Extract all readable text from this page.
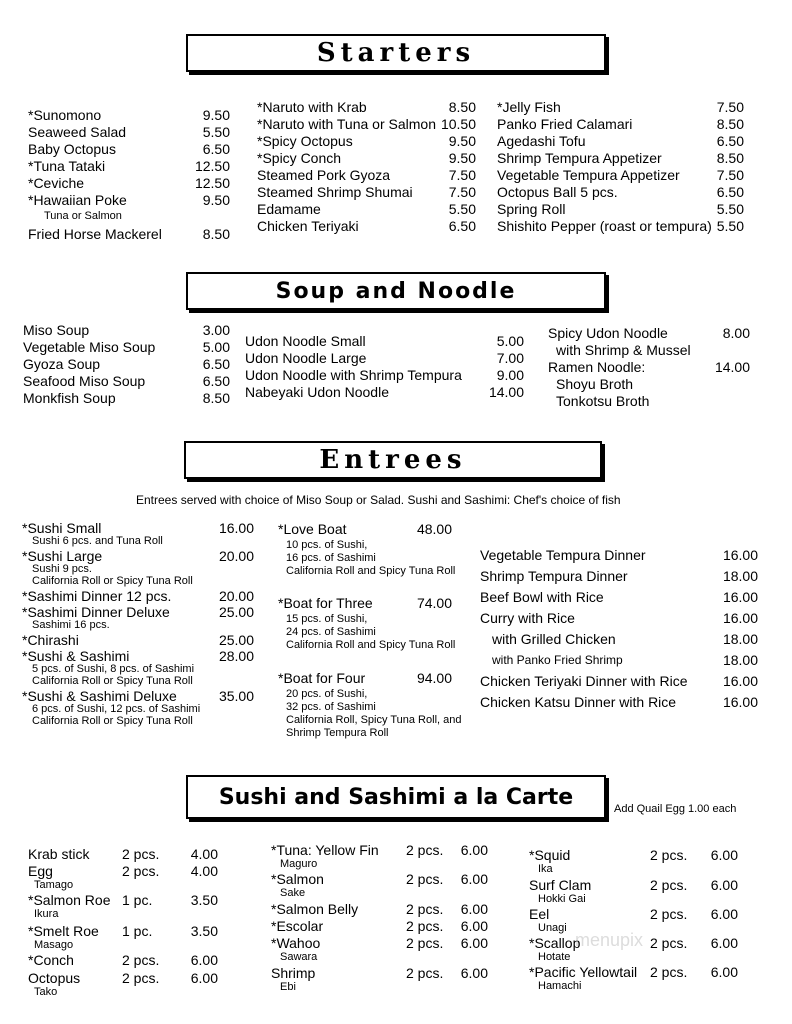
Starters
Soup and Noodle
Entrees
Sushi and Sashimi a la Carte
Entrees served with choice of Miso Soup or Salad. Sushi and Sashimi: Chef's choice of fish
Add Quail Egg 1.00 each
*Sunomono	9.50
Seaweed Salad	5.50
Baby Octopus	6.50
*Tuna Tataki	12.50
*Ceviche	12.50
*Hawaiian Poke	9.50
Fried Horse Mackerel	8.50
Tuna or Salmon
*Naruto with Krab	8.50
*Naruto with Tuna or Salmon 10.50
*Spicy Octopus	9.50
*Spicy Conch	9.50
Steamed Pork Gyoza	7.50
Steamed Shrimp Shumai	7.50
Edamame	5.50
Chicken Teriyaki	6.50
*Jelly Fish	7.50
Panko Fried Calamari	8.50
Agedashi Tofu	6.50
Shrimp Tempura Appetizer	8.50
Vegetable Tempura Appetizer	7.50
Octopus Ball 5 pcs.	6.50
Spring Roll	5.50
Shishito Pepper (roast or tempura) 5.50
Miso Soup	3.00
Vegetable Miso Soup	5.00
Gyoza Soup	6.50
Seafood Miso Soup	6.50
Monkfish Soup	8.50
Udon Noodle Small	5.00
Udon Noodle Large	7.00
Udon Noodle with Shrimp Tempura	9.00
Nabeyaki Udon Noodle	14.00
Spicy Udon Noodle	8.00
with Shrimp & Mussel
Ramen Noodle:	14.00
Shoyu Broth
Tonkotsu Broth
*Sushi Small	16.00
Sushi 6 pcs. and Tuna Roll
*Sushi Large	20.00
Sushi 9 pcs.
California Roll or Spicy Tuna Roll
*Sashimi Dinner 12 pcs.	20.00
*Sashimi Dinner Deluxe	25.00
Sashimi 16 pcs.
*Chirashi	25.00
*Sushi & Sashimi	28.00
5 pcs. of Sushi, 8 pcs. of Sashimi
California Roll or Spicy Tuna Roll
*Sushi & Sashimi Deluxe	35.00
6 pcs. of Sushi, 12 pcs. of Sashimi
California Roll or Spicy Tuna Roll
*Love Boat	48.00
10 pcs. of Sushi,
16 pcs. of Sashimi
California Roll and Spicy Tuna Roll
*Boat for Three	74.00
15 pcs. of Sushi,
24 pcs. of Sashimi
California Roll and Spicy Tuna Roll
*Boat for Four	94.00
20 pcs. of Sushi,
32 pcs. of Sashimi
California Roll, Spicy Tuna Roll, and
Shrimp Tempura Roll
Vegetable Tempura Dinner	16.00
Shrimp Tempura Dinner	18.00
Beef Bowl with Rice	16.00
Curry with Rice	16.00
with Grilled Chicken	18.00
with Panko Fried Shrimp	18.00
Chicken Teriyaki Dinner with Rice	16.00
Chicken Katsu Dinner with Rice	16.00
Krab stick 2 pcs.	4.00
Egg	2 pcs.	4.00
Tamago
*Salmon Roe 1 pc.	3.50
Ikura
*Smelt Roe 1 pc.	3.50
Masago
*Conch	2 pcs.	6.00
Octopus	2 pcs.	6.00
Tako
*Tuna: Yellow Fin 2 pcs.	6.00
Maguro
*Salmon	2 pcs.	6.00
Sake
*Salmon Belly	2 pcs.	6.00
*Escolar	2 pcs.	6.00
*Wahoo	2 pcs.	6.00
Sawara
Shrimp	2 pcs.	6.00
Ebi
*Squid	2 pcs.	6.00
Ika
Surf Clam	2 pcs.	6.00
Hokki Gai
Eel	2 pcs.	6.00
Unagi
*Scallop	2 pcs.	6.00
Hotate
*Pacific Yellowtail 2 pcs.	6.00
Hamachi
menupix
